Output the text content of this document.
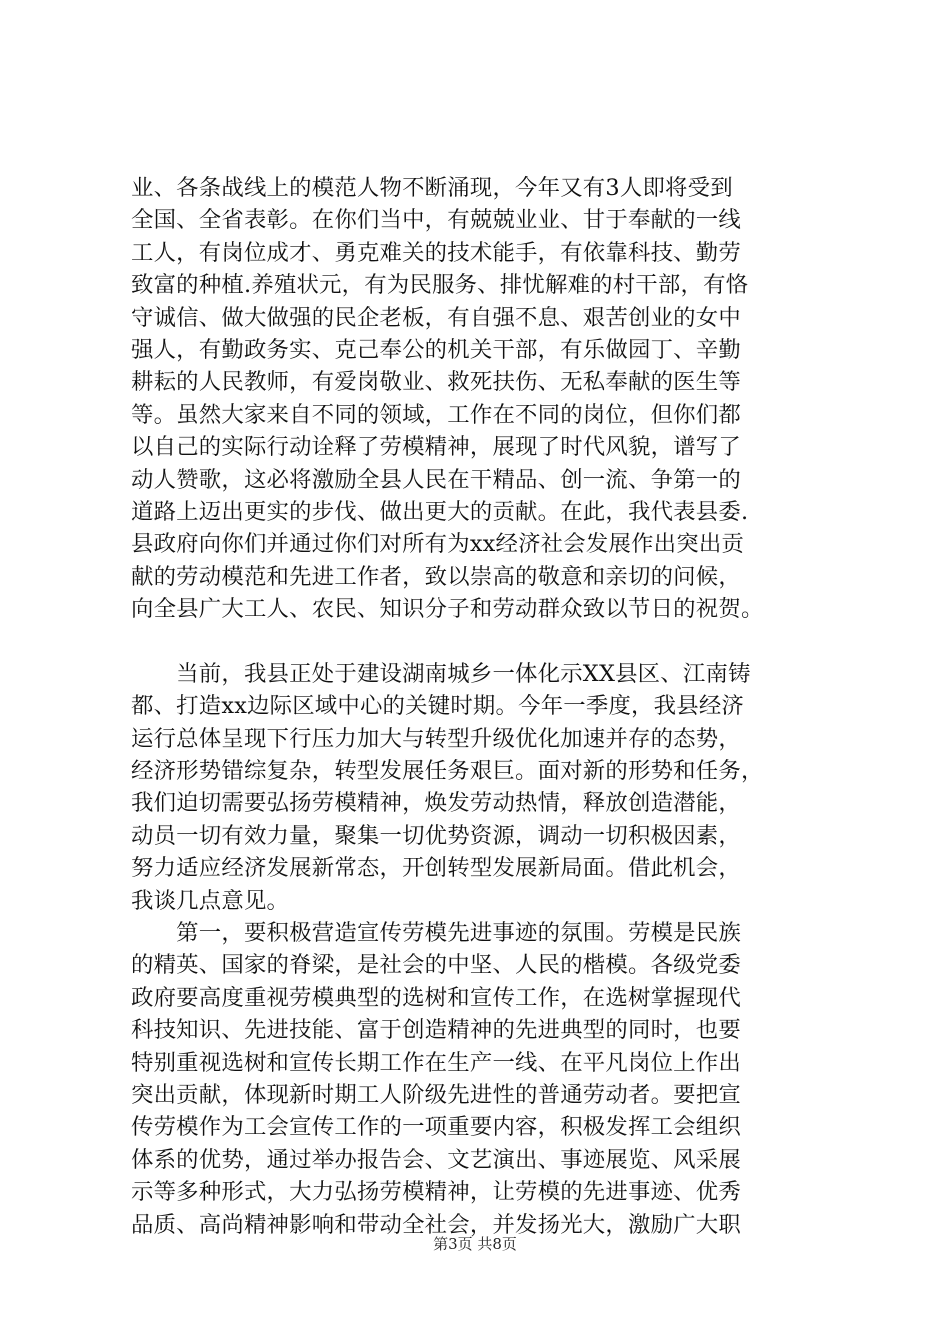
业、各条战线上的模范人物不断涌现，今年又有3人即将受到
全国、全省表彰。在你们当中，有兢兢业业、甘于奉献的一线
工人，有岗位成才、勇克难关的技术能手，有依靠科技、勤劳
致富的种植.养殖状元，有为民服务、排忧解难的村干部，有恪
守诚信、做大做强的民企老板，有自强不息、艰苦创业的女中
强人，有勤政务实、克己奉公的机关干部，有乐做园丁、辛勤
耕耘的人民教师，有爱岗敬业、救死扶伤、无私奉献的医生等
等。虽然大家来自不同的领域，工作在不同的岗位，但你们都
以自己的实际行动诠释了劳模精神，展现了时代风貌，谱写了
动人赞歌，这必将激励全县人民在干精品、创一流、争第一的
道路上迈出更实的步伐、做出更大的贡献。在此，我代表县委.
县政府向你们并通过你们对所有为xx经济社会发展作出突出贡
献的劳动模范和先进工作者，致以崇高的敬意和亲切的问候，
向全县广大工人、农民、知识分子和劳动群众致以节日的祝贺。
　　当前，我县正处于建设湖南城乡一体化示XX县区、江南铸
都、打造xx边际区域中心的关键时期。今年一季度，我县经济
运行总体呈现下行压力加大与转型升级优化加速并存的态势，
经济形势错综复杂，转型发展任务艰巨。面对新的形势和任务，
我们迫切需要弘扬劳模精神，焕发劳动热情，释放创造潜能，
动员一切有效力量，聚集一切优势资源，调动一切积极因素，
努力适应经济发展新常态，开创转型发展新局面。借此机会，
我谈几点意见。
　　第一，要积极营造宣传劳模先进事迹的氛围。劳模是民族
的精英、国家的脊梁，是社会的中坚、人民的楷模。各级党委
政府要高度重视劳模典型的选树和宣传工作，在选树掌握现代
科技知识、先进技能、富于创造精神的先进典型的同时，也要
特别重视选树和宣传长期工作在生产一线、在平凡岗位上作出
突出贡献，体现新时期工人阶级先进性的普通劳动者。要把宣
传劳模作为工会宣传工作的一项重要内容，积极发挥工会组织
体系的优势，通过举办报告会、文艺演出、事迹展览、风采展
示等多种形式，大力弘扬劳模精神，让劳模的先进事迹、优秀
品质、高尚精神影响和带动全社会，并发扬光大，激励广大职
第3页 共8页
